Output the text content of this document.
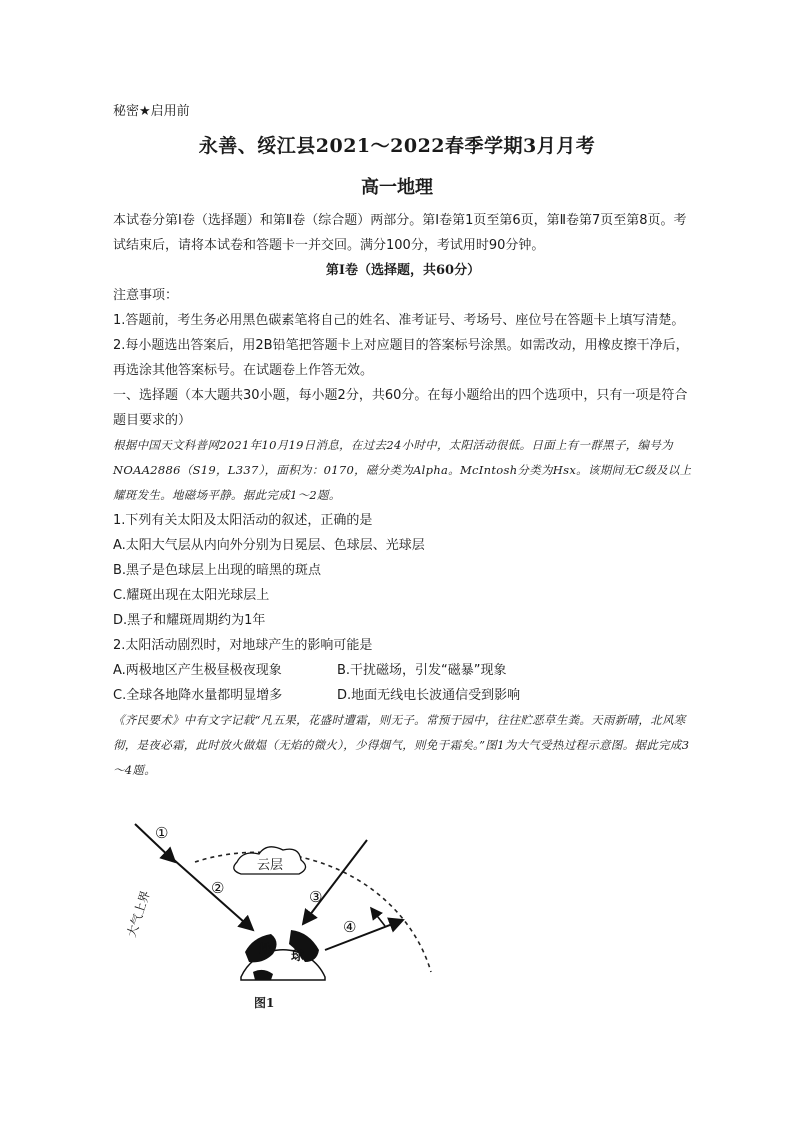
秘密★启用前
永善、绥江县2021～2022春季学期3月月考
高一地理

本试卷分第I卷（选择题）和第Ⅱ卷（综合题）两部分。第I卷第1页至第6页，第Ⅱ卷第7页至第8页。考试结束后，请将本试卷和答题卡一并交回。满分100分，考试用时90分钟。

第I卷（选择题，共60分）

注意事项：

1.答题前，考生务必用黑色碳素笔将自己的姓名、准考证号、考场号、座位号在答题卡上填写清楚。

2.每小题选出答案后，用2B铅笔把答题卡上对应题目的答案标号涂黑。如需改动，用橡皮擦干净后，再选涂其他答案标号。在试题卷上作答无效。

一、选择题（本大题共30小题，每小题2分，共60分。在每小题给出的四个选项中，只有一项是符合题目要求的）

根据中国天文科普网2021年10月19日消息，在过去24小时中，太阳活动很低。日面上有一群黑子，编号为NOAA2886（S19，L337），面积为：0170，磁分类为Alpha。McIntosh分类为Hsx。该期间无C级及以上耀斑发生。地磁场平静。据此完成1～2题。

1.下列有关太阳及太阳活动的叙述，正确的是

A.太阳大气层从内向外分别为日冕层、色球层、光球层

B.黑子是色球层上出现的暗黑的斑点

C.耀斑出现在太阳光球层上

D.黑子和耀斑周期约为1年

2.太阳活动剧烈时，对地球产生的影响可能是

A.两极地区产生极昼极夜现象	B.干扰磁场，引发“磁暴”现象
C.全球各地降水量都明显增多	D.地面无线电长波通信受到影响

《齐民要术》中有文字记载“凡五果，花盛时遭霜，则无子。常预于园中，往往贮恶草生粪。天雨新晴，北风寒彻，是夜必霜，此时放火做煴（无焰的微火），少得烟气，则免于霜矣。”图1为大气受热过程示意图。据此完成3～4题。

①
②	③
④
云层
大气上界
地 球
图1
